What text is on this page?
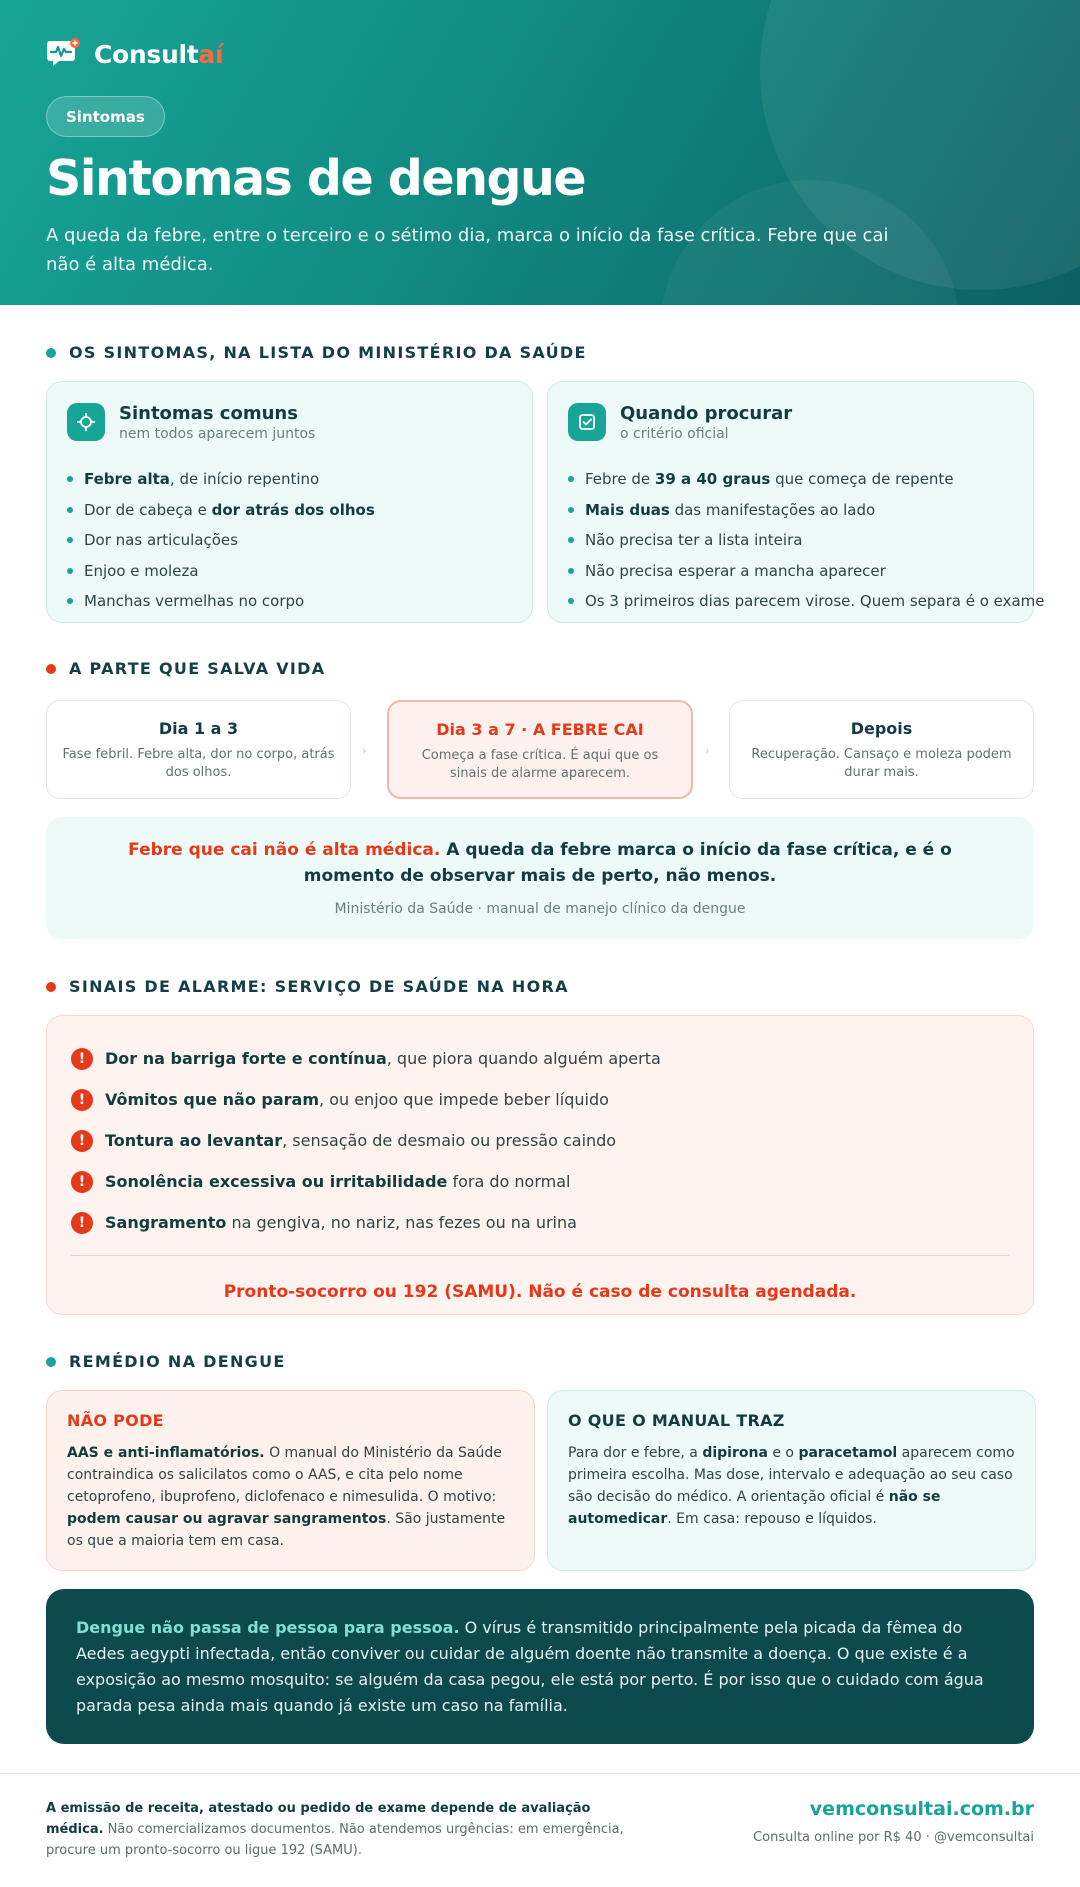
Consultaí
Sintomas
Sintomas de dengue

A queda da febre, entre o terceiro e o sétimo dia, marca o início da fase crítica. Febre que cai não é alta médica.

OS SINTOMAS, NA LISTA DO MINISTÉRIO DA SAÚDE
Sintomas comuns
nem todos aparecem juntos
Febre alta, de início repentino
Dor de cabeça e dor atrás dos olhos
Dor nas articulações
Enjoo e moleza
Manchas vermelhas no corpo
Quando procurar
o critério oficial
Febre de 39 a 40 graus que começa de repente
Mais duas das manifestações ao lado
Não precisa ter a lista inteira
Não precisa esperar a mancha aparecer
Os 3 primeiros dias parecem virose. Quem separa é o exame
A PARTE QUE SALVA VIDA
Dia 1 a 3
Fase febril. Febre alta, dor no corpo, atrás dos olhos.
›
Dia 3 a 7 · A FEBRE CAI
Começa a fase crítica. É aqui que os sinais de alarme aparecem.
›
Depois
Recuperação. Cansaço e moleza podem durar mais.
Febre que cai não é alta médica. A queda da febre marca o início da fase crítica, e é o momento de observar mais de perto, não menos.
Ministério da Saúde · manual de manejo clínico da dengue
SINAIS DE ALARME: SERVIÇO DE SAÚDE NA HORA
!	Dor na barriga forte e contínua, que piora quando alguém aperta
!	Vômitos que não param, ou enjoo que impede beber líquido
!	Tontura ao levantar, sensação de desmaio ou pressão caindo
!	Sonolência excessiva ou irritabilidade fora do normal
!	Sangramento na gengiva, no nariz, nas fezes ou na urina
Pronto-socorro ou 192 (SAMU). Não é caso de consulta agendada.
REMÉDIO NA DENGUE
NÃO PODE

AAS e anti-inflamatórios. O manual do Ministério da Saúde contraindica os salicilatos como o AAS, e cita pelo nome cetoprofeno, ibuprofeno, diclofenaco e nimesulida. O motivo: podem causar ou agravar sangramentos. São justamente os que a maioria tem em casa.

O QUE O MANUAL TRAZ

Para dor e febre, a dipirona e o paracetamol aparecem como primeira escolha. Mas dose, intervalo e adequação ao seu caso são decisão do médico. A orientação oficial é não se automedicar. Em casa: repouso e líquidos.

Dengue não passa de pessoa para pessoa. O vírus é transmitido principalmente pela picada da fêmea do Aedes aegypti infectada, então conviver ou cuidar de alguém doente não transmite a doença. O que existe é a exposição ao mesmo mosquito: se alguém da casa pegou, ele está por perto. É por isso que o cuidado com água parada pesa ainda mais quando já existe um caso na família.

A emissão de receita, atestado ou pedido de exame depende de avaliação médica. Não comercializamos documentos. Não atendemos urgências: em emergência, procure um pronto-socorro ou ligue 192 (SAMU).
vemconsultai.com.br
Consulta online por R$ 40 · @vemconsultai
